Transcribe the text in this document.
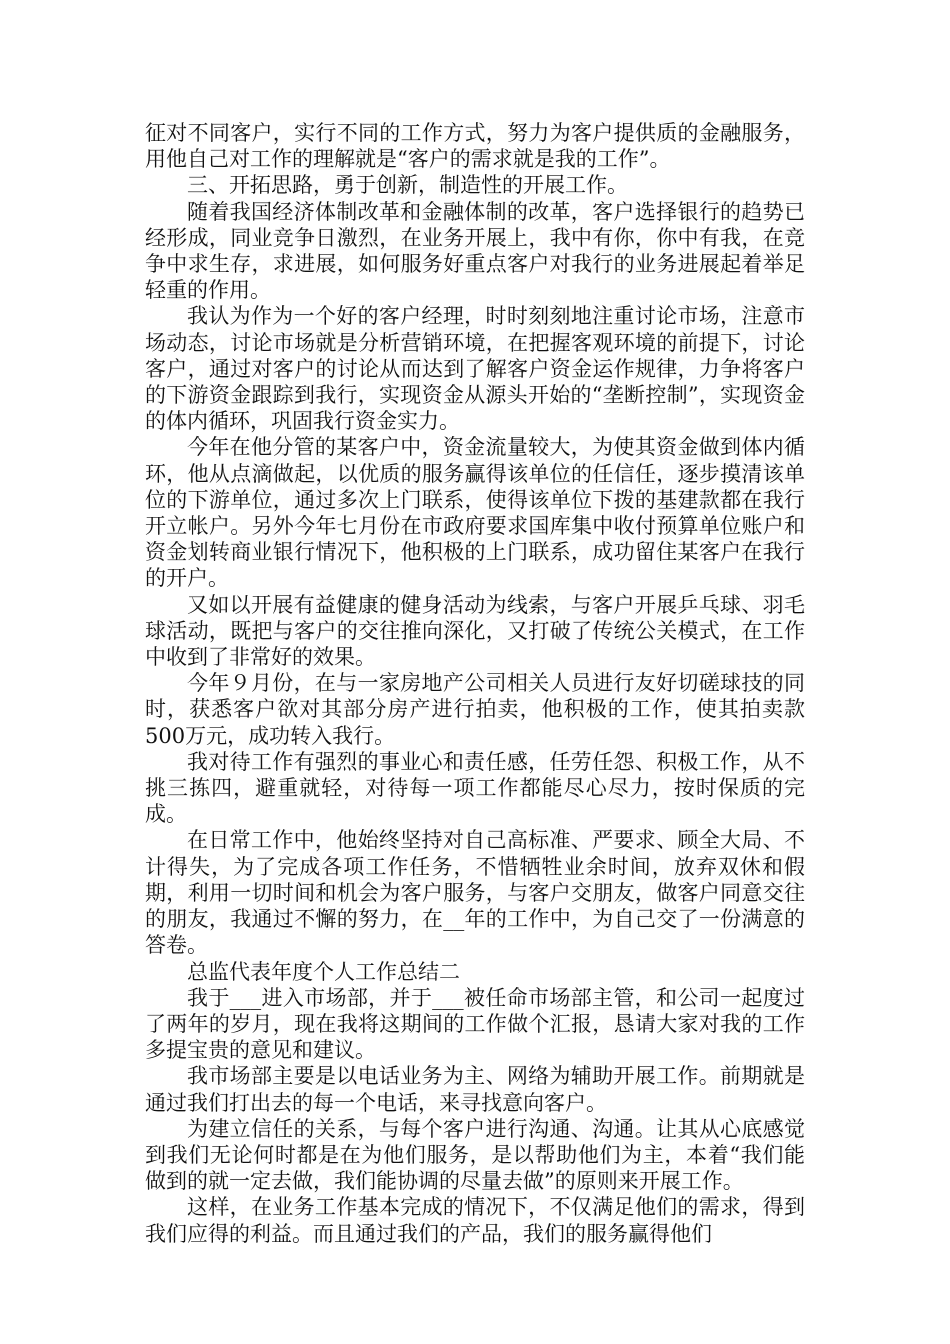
征对不同客户，实行不同的工作方式，努力为客户提供质的金融服务，用他自己对工作的理解就是“客户的需求就是我的工作”。

三、开拓思路，勇于创新，制造性的开展工作。

随着我国经济体制改革和金融体制的改革，客户选择银行的趋势已经形成，同业竞争日激烈，在业务开展上，我中有你，你中有我，在竞争中求生存，求进展，如何服务好重点客户对我行的业务进展起着举足轻重的作用。

我认为作为一个好的客户经理，时时刻刻地注重讨论市场，注意市场动态，讨论市场就是分析营销环境，在把握客观环境的前提下，讨论客户，通过对客户的讨论从而达到了解客户资金运作规律，力争将客户的下游资金跟踪到我行，实现资金从源头开始的“垄断控制”，实现资金的体内循环，巩固我行资金实力。

今年在他分管的某客户中，资金流量较大，为使其资金做到体内循环，他从点滴做起，以优质的服务赢得该单位的任信任，逐步摸清该单位的下游单位，通过多次上门联系，使得该单位下拨的基建款都在我行开立帐户。另外今年七月份在市政府要求国库集中收付预算单位账户和资金划转商业银行情况下，他积极的上门联系，成功留住某客户在我行的开户。

又如以开展有益健康的健身活动为线索，与客户开展乒乓球、羽毛球活动，既把与客户的交往推向深化，又打破了传统公关模式，在工作中收到了非常好的效果。

今年９月份，在与一家房地产公司相关人员进行友好切磋球技的同时，获悉客户欲对其部分房产进行拍卖，他积极的工作，使其拍卖款500万元，成功转入我行。

我对待工作有强烈的事业心和责任感，任劳任怨、积极工作，从不挑三拣四，避重就轻，对待每一项工作都能尽心尽力，按时保质的完成。

在日常工作中，他始终坚持对自己高标准、严要求、顾全大局、不计得失，为了完成各项工作任务，不惜牺牲业余时间，放弃双休和假期，利用一切时间和机会为客户服务，与客户交朋友，做客户同意交往的朋友，我通过不懈的努力，在__年的工作中，为自己交了一份满意的答卷。

总监代表年度个人工作总结二

我于___进入市场部，并于___被任命市场部主管，和公司一起度过了两年的岁月，现在我将这期间的工作做个汇报，恳请大家对我的工作多提宝贵的意见和建议。

我市场部主要是以电话业务为主、网络为辅助开展工作。前期就是通过我们打出去的每一个电话，来寻找意向客户。

为建立信任的关系，与每个客户进行沟通、沟通。让其从心底感觉到我们无论何时都是在为他们服务，是以帮助他们为主，本着“我们能做到的就一定去做，我们能协调的尽量去做”的原则来开展工作。

这样，在业务工作基本完成的情况下，不仅满足他们的需求，得到我们应得的利益。而且通过我们的产品，我们的服务赢得他们
